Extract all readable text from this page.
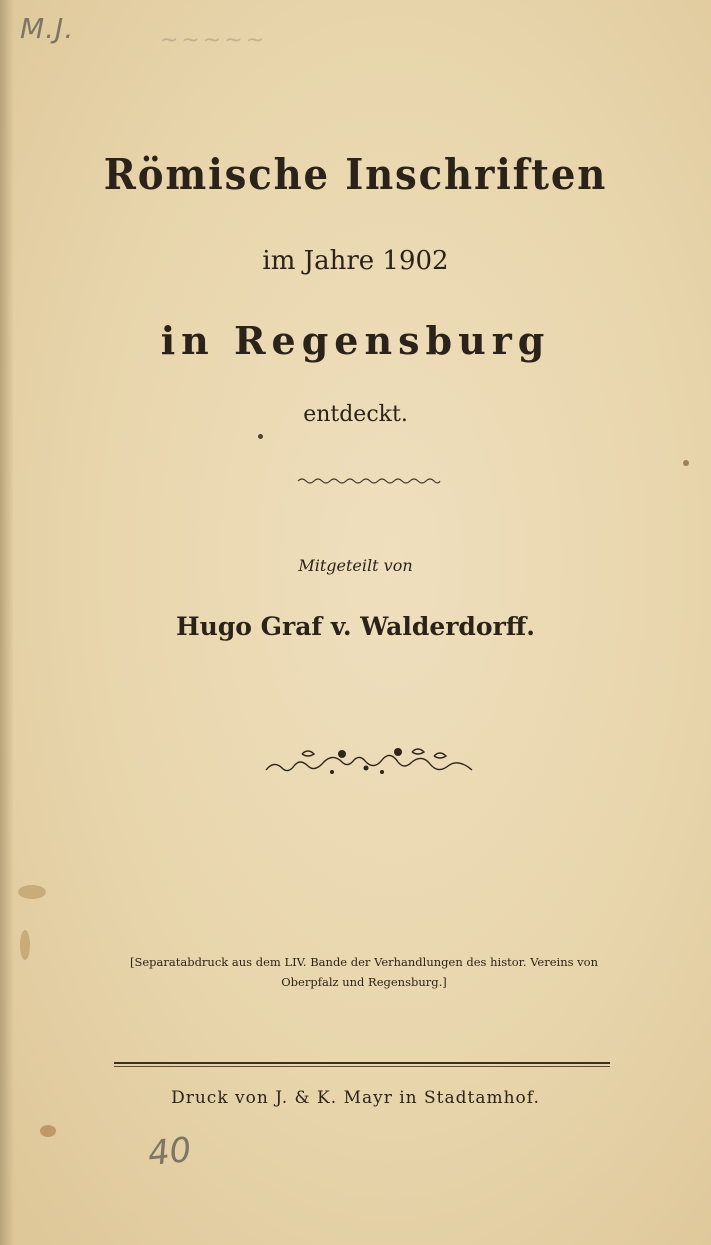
M.J.	~~~~~
Römische Inschriften
im Jahre 1902
in Regensburg
entdeckt.
Mitgeteilt von
Hugo Graf v. Walderdorff.
[Separatabdruck aus dem LIV. Bande der Verhandlungen des histor. Vereins von Oberpfalz und Regensburg.]
Druck von J. & K. Mayr in Stadtamhof.
40
